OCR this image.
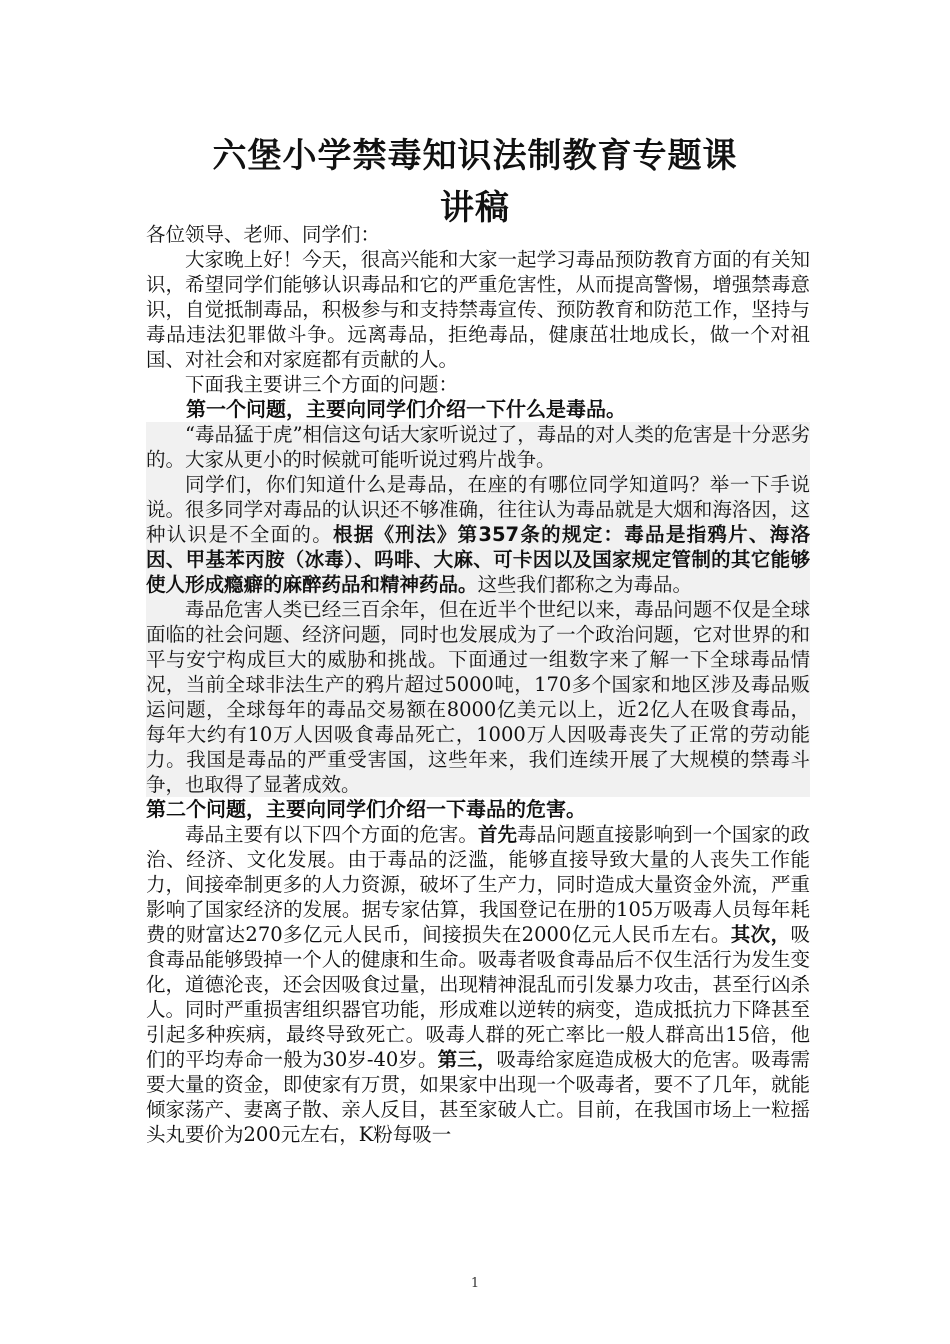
六堡小学禁毒知识法制教育专题课
讲稿

各位领导、老师、同学们：

大家晚上好！今天，很高兴能和大家一起学习毒品预防教育方面的有关知识，希望同学们能够认识毒品和它的严重危害性，从而提高警惕，增强禁毒意识，自觉抵制毒品，积极参与和支持禁毒宣传、预防教育和防范工作，坚持与毒品违法犯罪做斗争。远离毒品，拒绝毒品，健康茁壮地成长，做一个对祖国、对社会和对家庭都有贡献的人。

下面我主要讲三个方面的问题：

第一个问题，主要向同学们介绍一下什么是毒品。

“毒品猛于虎”相信这句话大家听说过了，毒品的对人类的危害是十分恶劣的。大家从更小的时候就可能听说过鸦片战争。

同学们，你们知道什么是毒品，在座的有哪位同学知道吗？举一下手说说。很多同学对毒品的认识还不够准确，往往认为毒品就是大烟和海洛因，这种认识是不全面的。根据《刑法》第357条的规定：毒品是指鸦片、海洛因、甲基苯丙胺（冰毒）、吗啡、大麻、可卡因以及国家规定管制的其它能够使人形成瘾癖的麻醉药品和精神药品。这些我们都称之为毒品。

毒品危害人类已经三百余年，但在近半个世纪以来，毒品问题不仅是全球面临的社会问题、经济问题，同时也发展成为了一个政治问题，它对世界的和平与安宁构成巨大的威胁和挑战。下面通过一组数字来了解一下全球毒品情况，当前全球非法生产的鸦片超过5000吨，170多个国家和地区涉及毒品贩运问题，全球每年的毒品交易额在8000亿美元以上，近2亿人在吸食毒品，每年大约有10万人因吸食毒品死亡，1000万人因吸毒丧失了正常的劳动能力。我国是毒品的严重受害国，这些年来，我们连续开展了大规模的禁毒斗争，也取得了显著成效。

第二个问题，主要向同学们介绍一下毒品的危害。

毒品主要有以下四个方面的危害。首先毒品问题直接影响到一个国家的政治、经济、文化发展。由于毒品的泛滥，能够直接导致大量的人丧失工作能力，间接牵制更多的人力资源，破坏了生产力，同时造成大量资金外流，严重影响了国家经济的发展。据专家估算，我国登记在册的105万吸毒人员每年耗费的财富达270多亿元人民币，间接损失在2000亿元人民币左右。其次，吸食毒品能够毁掉一个人的健康和生命。吸毒者吸食毒品后不仅生活行为发生变化，道德沦丧，还会因吸食过量，出现精神混乱而引发暴力攻击，甚至行凶杀人。同时严重损害组织器官功能，形成难以逆转的病变，造成抵抗力下降甚至引起多种疾病，最终导致死亡。吸毒人群的死亡率比一般人群高出15倍，他们的平均寿命一般为30岁-40岁。第三，吸毒给家庭造成极大的危害。吸毒需要大量的资金，即使家有万贯，如果家中出现一个吸毒者，要不了几年，就能倾家荡产、妻离子散、亲人反目，甚至家破人亡。目前，在我国市场上一粒摇头丸要价为200元左右，K粉每吸一

1
